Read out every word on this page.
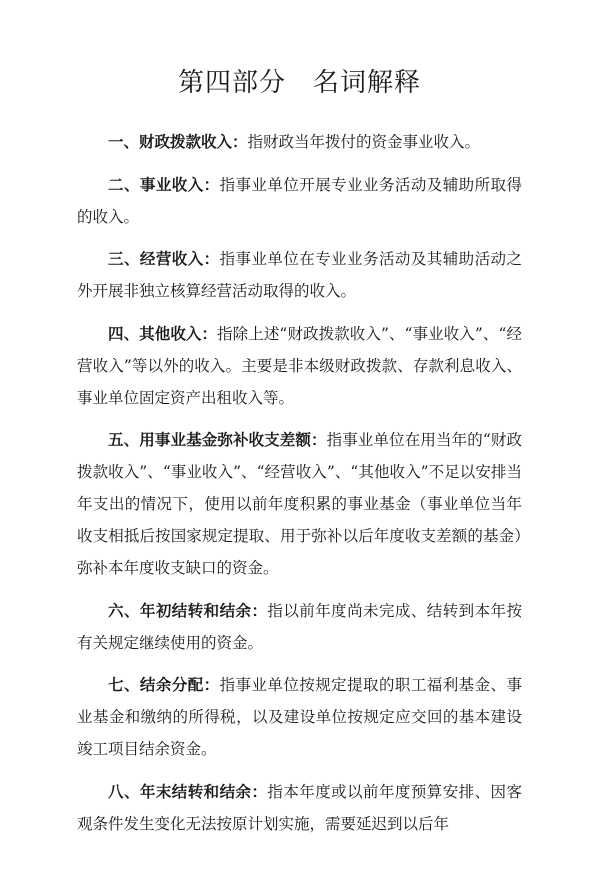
第四部分　名词解释

一、财政拨款收入：指财政当年拨付的资金事业收入。

二、事业收入：指事业单位开展专业业务活动及辅助所取得的收入。

三、经营收入：指事业单位在专业业务活动及其辅助活动之外开展非独立核算经营活动取得的收入。

四、其他收入：指除上述“财政拨款收入”、“事业收入”、“经营收入”等以外的收入。主要是非本级财政拨款、存款利息收入、事业单位固定资产出租收入等。

五、用事业基金弥补收支差额：指事业单位在用当年的“财政拨款收入”、“事业收入”、“经营收入”、“其他收入”不足以安排当年支出的情况下，使用以前年度积累的事业基金（事业单位当年收支相抵后按国家规定提取、用于弥补以后年度收支差额的基金）弥补本年度收支缺口的资金。

六、年初结转和结余：指以前年度尚未完成、结转到本年按有关规定继续使用的资金。

七、结余分配：指事业单位按规定提取的职工福利基金、事业基金和缴纳的所得税，以及建设单位按规定应交回的基本建设竣工项目结余资金。

八、年末结转和结余：指本年度或以前年度预算安排、因客观条件发生变化无法按原计划实施，需要延迟到以后年
